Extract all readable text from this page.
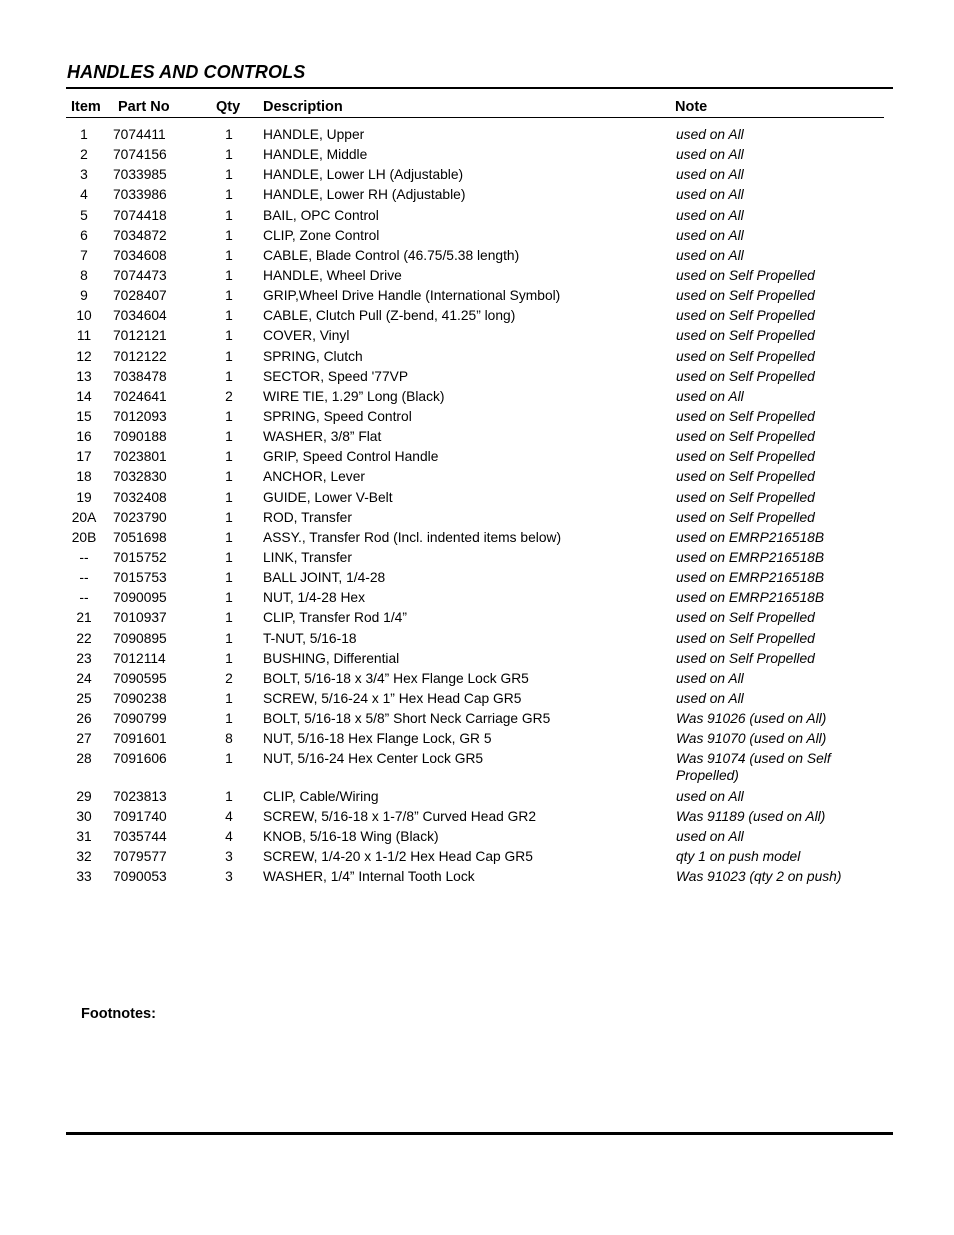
HANDLES AND CONTROLS
Item Part No	Qty Description	Note
1	7074411	1	HANDLE, Upper	used on All
2	7074156	1	HANDLE, Middle	used on All
3	7033985	1	HANDLE, Lower LH (Adjustable)	used on All
4	7033986	1	HANDLE, Lower RH (Adjustable)	used on All
5	7074418	1	BAIL, OPC Control	used on All
6	7034872	1	CLIP, Zone Control	used on All
7	7034608	1	CABLE, Blade Control (46.75/5.38 length)	used on All
8	7074473	1	HANDLE, Wheel Drive	used on Self Propelled
9	7028407	1	GRIP,Wheel Drive Handle (International Symbol)	used on Self Propelled
10	7034604	1	CABLE, Clutch Pull (Z-bend, 41.25” long)	used on Self Propelled
11	7012121	1	COVER, Vinyl	used on Self Propelled
12	7012122	1	SPRING, Clutch	used on Self Propelled
13	7038478	1	SECTOR, Speed '77VP	used on Self Propelled
14	7024641	2	WIRE TIE, 1.29” Long (Black)	used on All
15	7012093	1	SPRING, Speed Control	used on Self Propelled
16	7090188	1	WASHER, 3/8” Flat	used on Self Propelled
17	7023801	1	GRIP, Speed Control Handle	used on Self Propelled
18	7032830	1	ANCHOR, Lever	used on Self Propelled
19	7032408	1	GUIDE, Lower V-Belt	used on Self Propelled
20A 7023790	1	ROD, Transfer	used on Self Propelled
20B 7051698	1	ASSY., Transfer Rod (Incl. indented items below)	used on EMRP216518B
--	7015752	1	LINK, Transfer	used on EMRP216518B
--	7015753	1	BALL JOINT, 1/4-28	used on EMRP216518B
--	7090095	1	NUT, 1/4-28 Hex	used on EMRP216518B
21	7010937	1	CLIP, Transfer Rod 1/4”	used on Self Propelled
22	7090895	1	T-NUT, 5/16-18	used on Self Propelled
23	7012114	1	BUSHING, Differential	used on Self Propelled
24	7090595	2	BOLT, 5/16-18 x 3/4” Hex Flange Lock GR5	used on All
25	7090238	1	SCREW, 5/16-24 x 1” Hex Head Cap GR5	used on All
26	7090799	1	BOLT, 5/16-18 x 5/8” Short Neck Carriage GR5	Was 91026 (used on All)
27	7091601	8	NUT, 5/16-18 Hex Flange Lock, GR 5	Was 91070 (used on All)
28	7091606	1	NUT, 5/16-24 Hex Center Lock GR5	Was 91074 (used on Self Propelled)
29	7023813	1	CLIP, Cable/Wiring	used on All
30	7091740	4	SCREW, 5/16-18 x 1-7/8” Curved Head GR2	Was 91189 (used on All)
31	7035744	4	KNOB, 5/16-18 Wing (Black)	used on All
32	7079577	3	SCREW, 1/4-20 x 1-1/2 Hex Head Cap GR5	qty 1 on push model
33	7090053	3	WASHER, 1/4” Internal Tooth Lock	Was 91023 (qty 2 on push)
Footnotes:
